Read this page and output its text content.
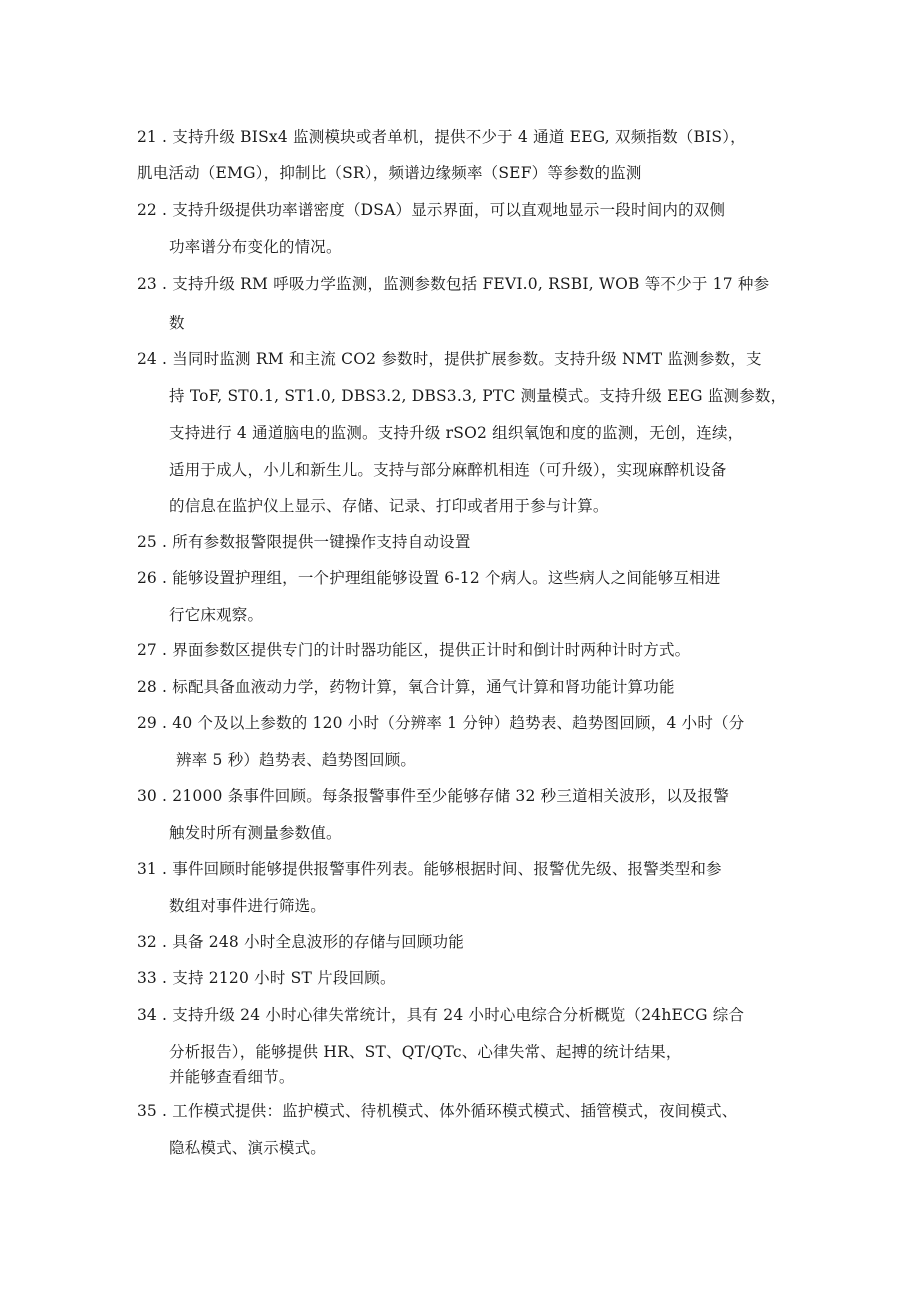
21 . 支持升级 BISx4 监测模块或者单机，提供不少于 4 通道 EEG, 双频指数（BIS），
肌电活动（EMG），抑制比（SR），频谱边缘频率（SEF）等参数的监测
22 . 支持升级提供功率谱密度（DSA）显示界面，可以直观地显示一段时间内的双侧
功率谱分布变化的情况。
23 . 支持升级 RM 呼吸力学监测，监测参数包括 FEVI.0, RSBI, WOB 等不少于 17 种参
数
24 . 当同时监测 RM 和主流 CO2 参数时，提供扩展参数。支持升级 NMT 监测参数，支
持 ToF, ST0.1, ST1.0, DBS3.2, DBS3.3, PTC 测量模式。支持升级 EEG 监测参数，
支持进行 4 通道脑电的监测。支持升级 rSO2 组织氧饱和度的监测，无创，连续，
适用于成人，小儿和新生儿。支持与部分麻醉机相连（可升级），实现麻醉机设备
的信息在监护仪上显示、存储、记录、打印或者用于参与计算。
25 . 所有参数报警限提供一键操作支持自动设置
26 . 能够设置护理组，一个护理组能够设置 6-12 个病人。这些病人之间能够互相进
行它床观察。
27 . 界面参数区提供专门的计时器功能区，提供正计时和倒计时两种计时方式。
28 . 标配具备血液动力学，药物计算，氧合计算，通气计算和肾功能计算功能
29 . 40 个及以上参数的 120 小时（分辨率 1 分钟）趋势表、趋势图回顾，4 小时（分
辨率 5 秒）趋势表、趋势图回顾。
30 . 21000 条事件回顾。每条报警事件至少能够存储 32 秒三道相关波形，以及报警
触发时所有测量参数值。
31 . 事件回顾时能够提供报警事件列表。能够根据时间、报警优先级、报警类型和参
数组对事件进行筛选。
32 . 具备 248 小时全息波形的存储与回顾功能
33 . 支持 2120 小时 ST 片段回顾。
34 . 支持升级 24 小时心律失常统计，具有 24 小时心电综合分析概览（24hECG 综合
分析报告），能够提供 HR、ST、QT/QTc、心律失常、起搏的统计结果，
并能够查看细节。
35 . 工作模式提供：监护模式、待机模式、体外循环模式模式、插管模式，夜间模式、
隐私模式、演示模式。
